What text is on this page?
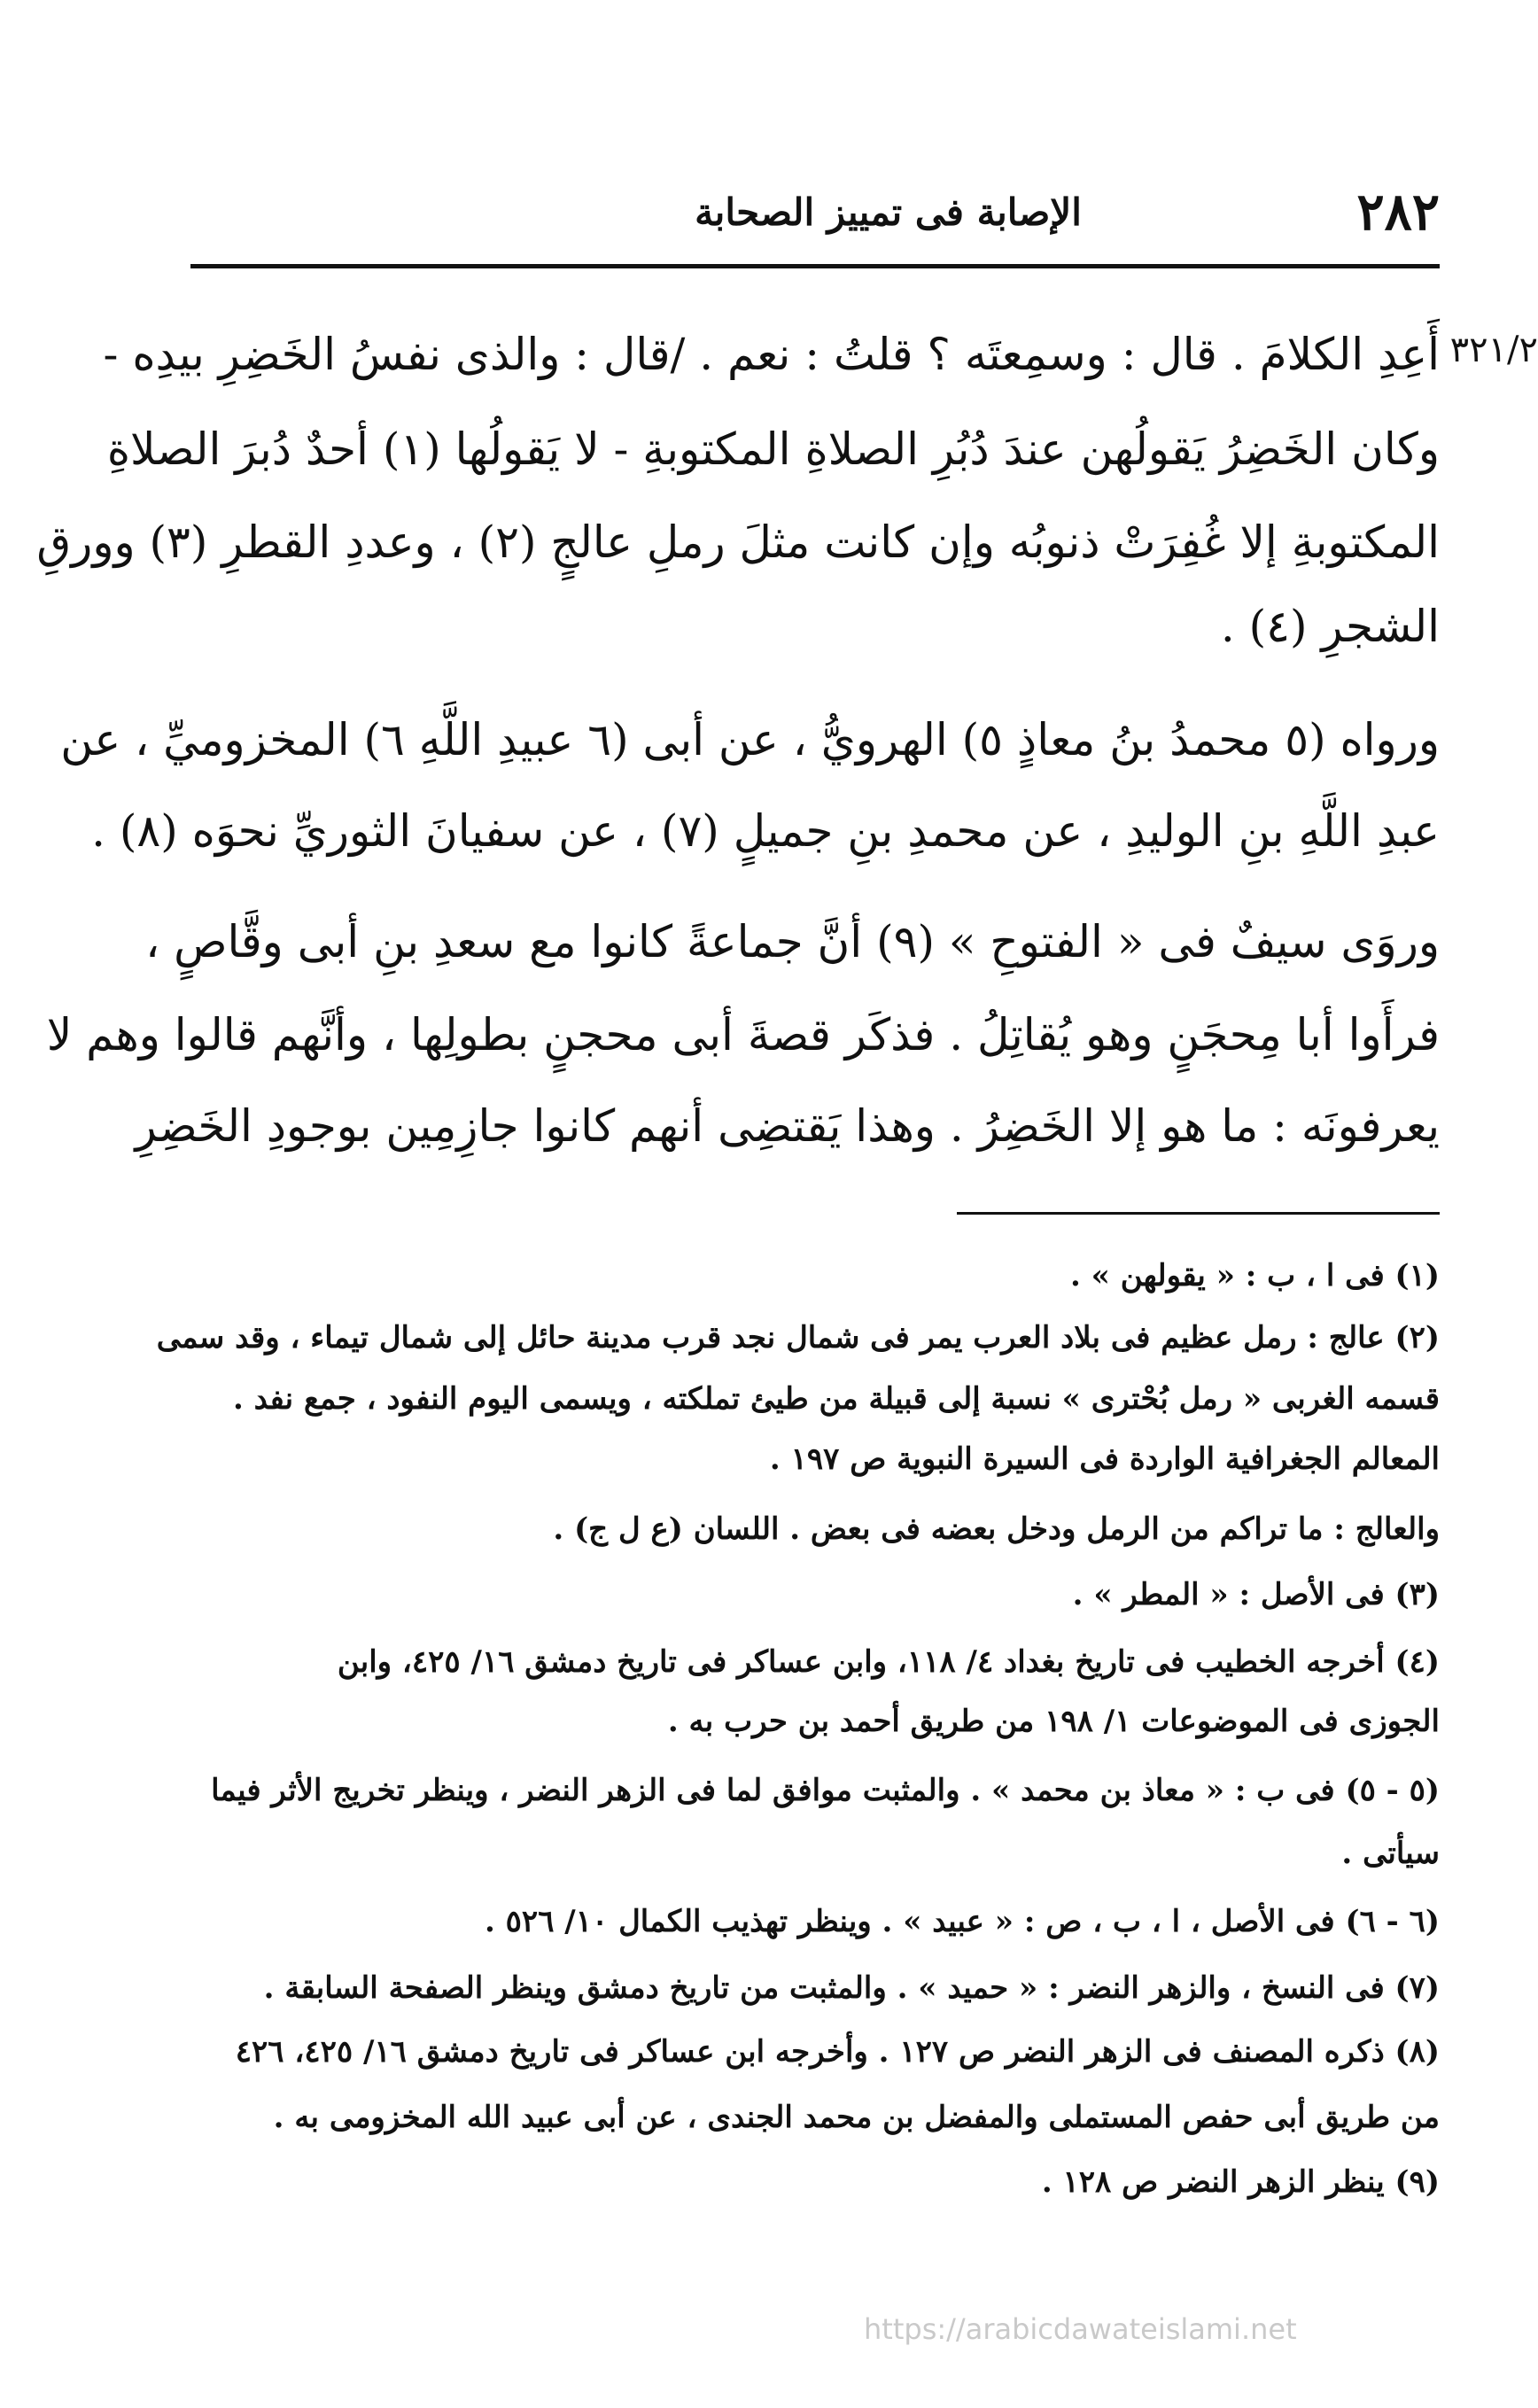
٢٨٢
الإصابة فى تمييز الصحابة
٣٢١/٢
أَعِدِ الكلامَ . قال : وسمِعتَه ؟ قلتُ : نعم . /قال : والذى نفسُ الخَضِرِ بيدِه -
وكان الخَضِرُ يَقولُهن عندَ دُبُرِ الصلاةِ المكتوبةِ - لا يَقولُها (١) أحدٌ دُبرَ الصلاةِ
المكتوبةِ إلا غُفِرَتْ ذنوبُه وإن كانت مثلَ رملِ عالجٍ (٢) ، وعددِ القطرِ (٣) وورقِ
الشجرِ (٤) .
ورواه (٥ محمدُ بنُ معاذٍ ٥) الهرويُّ ، عن أبى (٦ عبيدِ اللَّهِ ٦) المخزوميِّ ، عن
عبدِ اللَّهِ بنِ الوليدِ ، عن محمدِ بنِ جميلٍ (٧) ، عن سفيانَ الثوريِّ نحوَه (٨) .
وروَى سيفٌ فى « الفتوحِ » (٩) أنَّ جماعةً كانوا مع سعدِ بنِ أبى وقَّاصٍ ،
فرأَوا أبا مِحجَنٍ وهو يُقاتِلُ . فذكَر قصةَ أبى محجنٍ بطولِها ، وأنَّهم قالوا وهم لا
يعرفونَه : ما هو إلا الخَضِرُ . وهذا يَقتضِى أنهم كانوا جازِمِين بوجودِ الخَضِرِ
(١) فى ا ، ب : « يقولهن » .
(٢) عالج : رمل عظيم فى بلاد العرب يمر فى شمال نجد قرب مدينة حائل إلى شمال تيماء ، وقد سمى
قسمه الغربى « رمل بُحْترى » نسبة إلى قبيلة من طيئ تملكته ، ويسمى اليوم النفود ، جمع نفد .
المعالم الجغرافية الواردة فى السيرة النبوية ص ١٩٧ .
والعالج : ما تراكم من الرمل ودخل بعضه فى بعض . اللسان (ع ل ج) .
(٣) فى الأصل : « المطر » .
(٤) أخرجه الخطيب فى تاريخ بغداد ٤/ ١١٨، وابن عساكر فى تاريخ دمشق ١٦/ ٤٢٥، وابن
الجوزى فى الموضوعات ١/ ١٩٨ من طريق أحمد بن حرب به .
(٥ - ٥) فى ب : « معاذ بن محمد » . والمثبت موافق لما فى الزهر النضر ، وينظر تخريج الأثر فيما
سيأتى .
(٦ - ٦) فى الأصل ، ا ، ب ، ص : « عبيد » . وينظر تهذيب الكمال ١٠/ ٥٢٦ .
(٧) فى النسخ ، والزهر النضر : « حميد » . والمثبت من تاريخ دمشق وينظر الصفحة السابقة .
(٨) ذكره المصنف فى الزهر النضر ص ١٢٧ . وأخرجه ابن عساكر فى تاريخ دمشق ١٦/ ٤٢٥، ٤٢٦
من طريق أبى حفص المستملى والمفضل بن محمد الجندى ، عن أبى عبيد الله المخزومى به .
(٩) ينظر الزهر النضر ص ١٢٨ .
https://arabicdawateislami.net
